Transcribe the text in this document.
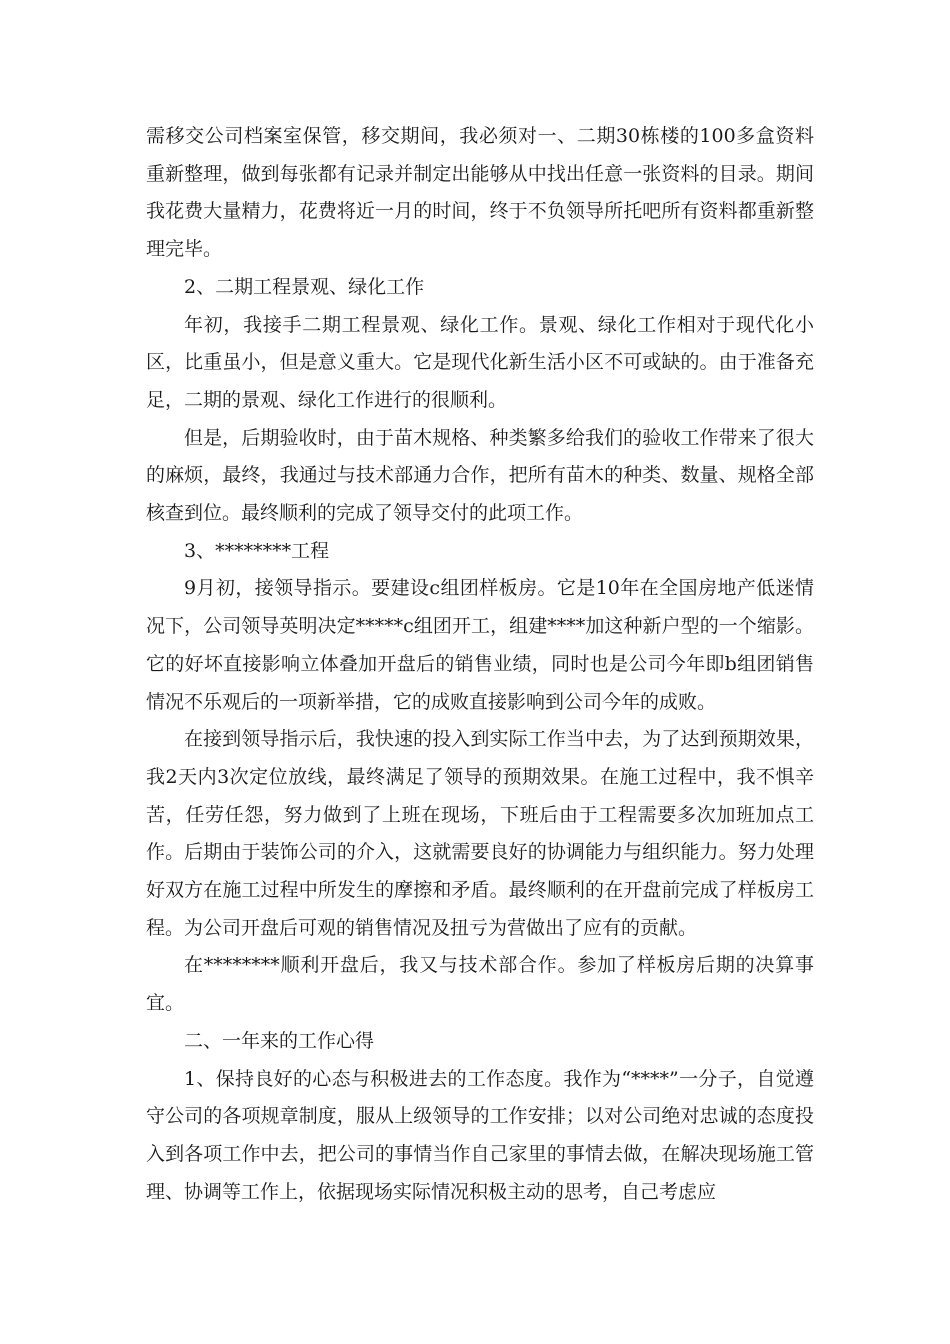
需移交公司档案室保管，移交期间，我必须对一、二期30栋楼的100多盒资料重新整理，做到每张都有记录并制定出能够从中找出任意一张资料的目录。期间我花费大量精力，花费将近一月的时间，终于不负领导所托吧所有资料都重新整理完毕。

2、二期工程景观、绿化工作

年初，我接手二期工程景观、绿化工作。景观、绿化工作相对于现代化小区，比重虽小，但是意义重大。它是现代化新生活小区不可或缺的。由于准备充足，二期的景观、绿化工作进行的很顺利。

但是，后期验收时，由于苗木规格、种类繁多给我们的验收工作带来了很大的麻烦，最终，我通过与技术部通力合作，把所有苗木的种类、数量、规格全部核查到位。最终顺利的完成了领导交付的此项工作。

3、********工程

9月初，接领导指示。要建设c组团样板房。它是10年在全国房地产低迷情况下，公司领导英明决定*****c组团开工，组建****加这种新户型的一个缩影。它的好坏直接影响立体叠加开盘后的销售业绩，同时也是公司今年即b组团销售情况不乐观后的一项新举措，它的成败直接影响到公司今年的成败。

在接到领导指示后，我快速的投入到实际工作当中去，为了达到预期效果，我2天内3次定位放线，最终满足了领导的预期效果。在施工过程中，我不惧辛苦，任劳任怨，努力做到了上班在现场，下班后由于工程需要多次加班加点工作。后期由于装饰公司的介入，这就需要良好的协调能力与组织能力。努力处理好双方在施工过程中所发生的摩擦和矛盾。最终顺利的在开盘前完成了样板房工程。为公司开盘后可观的销售情况及扭亏为营做出了应有的贡献。

在********顺利开盘后，我又与技术部合作。参加了样板房后期的决算事宜。

二、一年来的工作心得

1、保持良好的心态与积极进去的工作态度。我作为“****”一分子，自觉遵守公司的各项规章制度，服从上级领导的工作安排；以对公司绝对忠诚的态度投入到各项工作中去，把公司的事情当作自己家里的事情去做，在解决现场施工管理、协调等工作上，依据现场实际情况积极主动的思考，自己考虑应
